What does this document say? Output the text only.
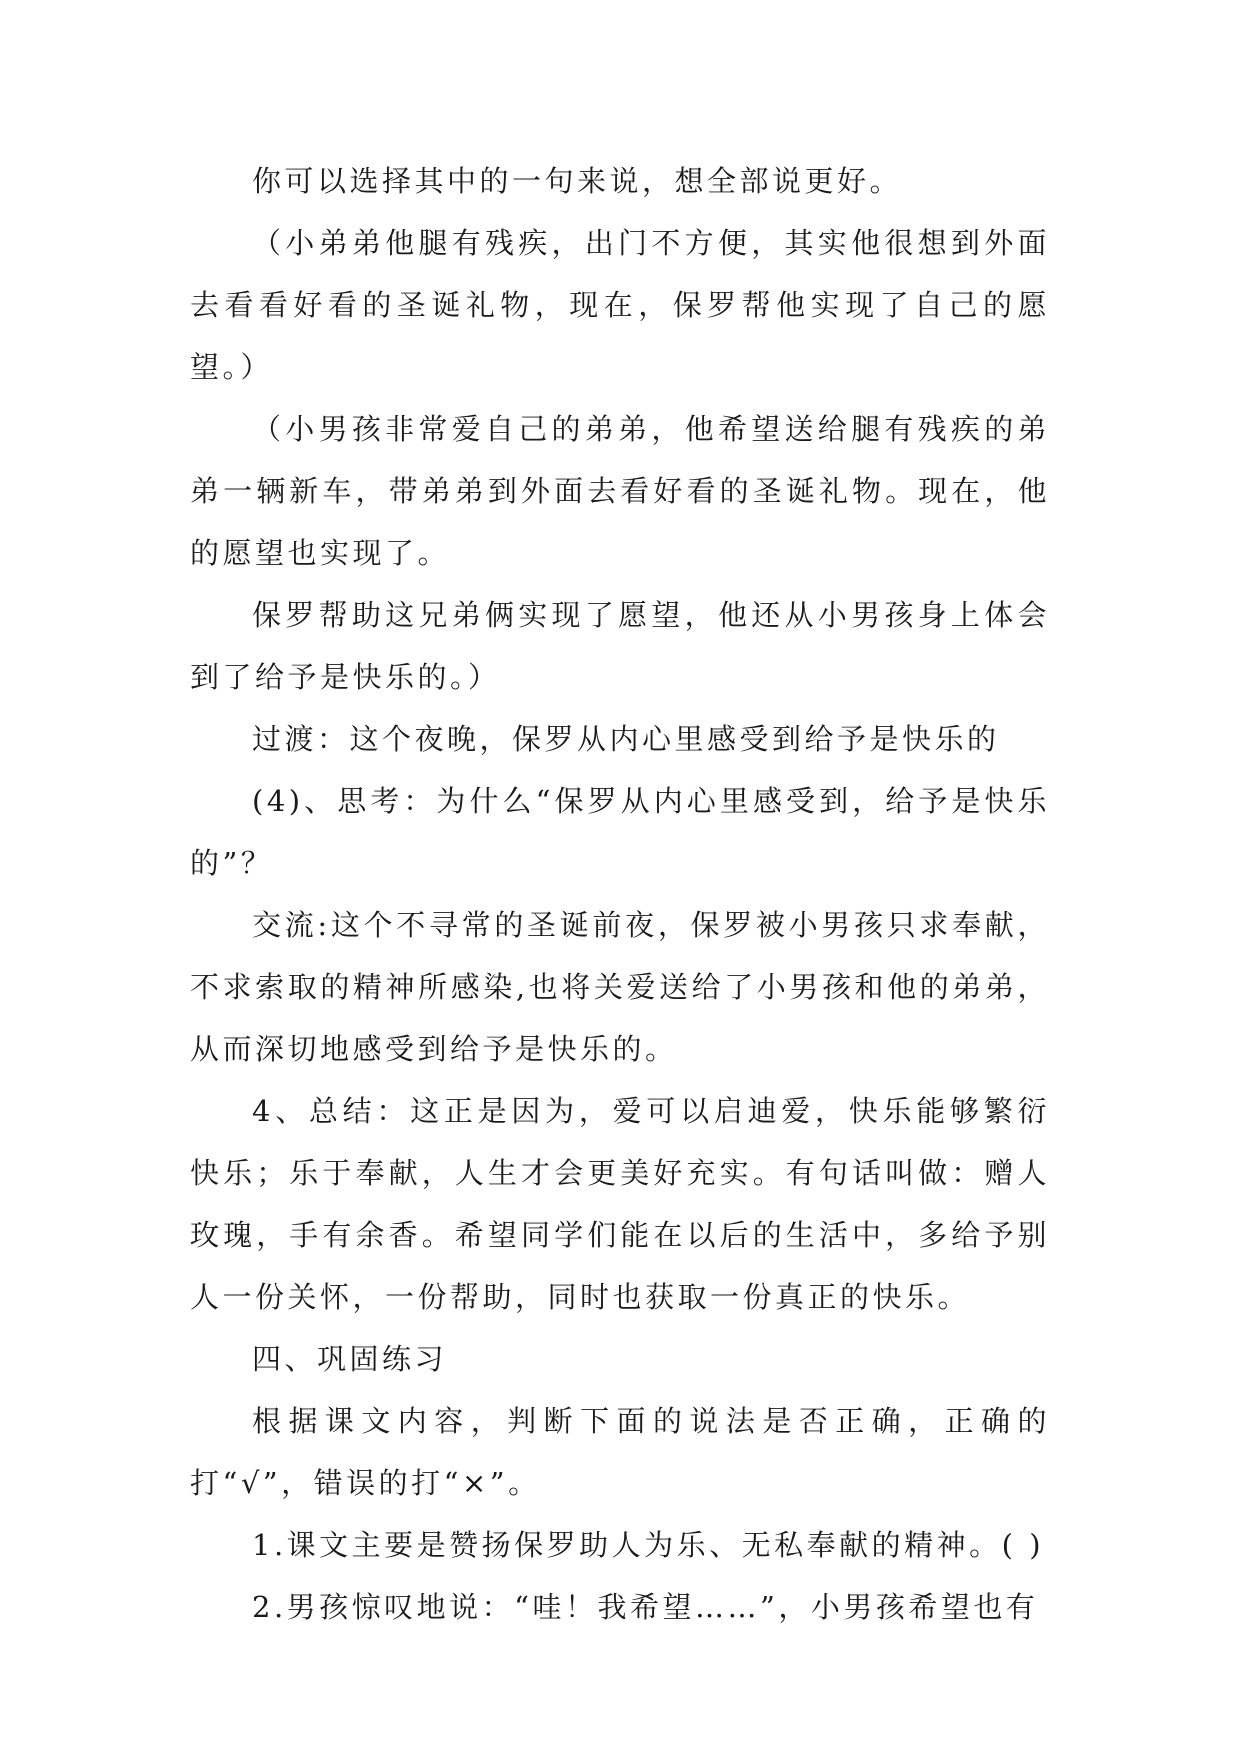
你可以选择其中的一句来说，想全部说更好。

（小弟弟他腿有残疾，出门不方便，其实他很想到外面去看看好看的圣诞礼物，现在，保罗帮他实现了自己的愿望。）

（小男孩非常爱自己的弟弟，他希望送给腿有残疾的弟弟一辆新车，带弟弟到外面去看好看的圣诞礼物。现在，他的愿望也实现了。

保罗帮助这兄弟俩实现了愿望，他还从小男孩身上体会到了给予是快乐的。）

过渡：这个夜晚，保罗从内心里感受到给予是快乐的

(4)、思考：为什么“保罗从内心里感受到，给予是快乐的”？

交流:这个不寻常的圣诞前夜，保罗被小男孩只求奉献，不求索取的精神所感染,也将关爱送给了小男孩和他的弟弟，从而深切地感受到给予是快乐的。

4、总结：这正是因为，爱可以启迪爱，快乐能够繁衍快乐；乐于奉献，人生才会更美好充实。有句话叫做：赠人玫瑰，手有余香。希望同学们能在以后的生活中，多给予别人一份关怀，一份帮助，同时也获取一份真正的快乐。

四、巩固练习

根据课文内容，判断下面的说法是否正确，正确的打“√”，错误的打“×”。

1.课文主要是赞扬保罗助人为乐、无私奉献的精神。( )

2.男孩惊叹地说：“哇！我希望……”，小男孩希望也有
